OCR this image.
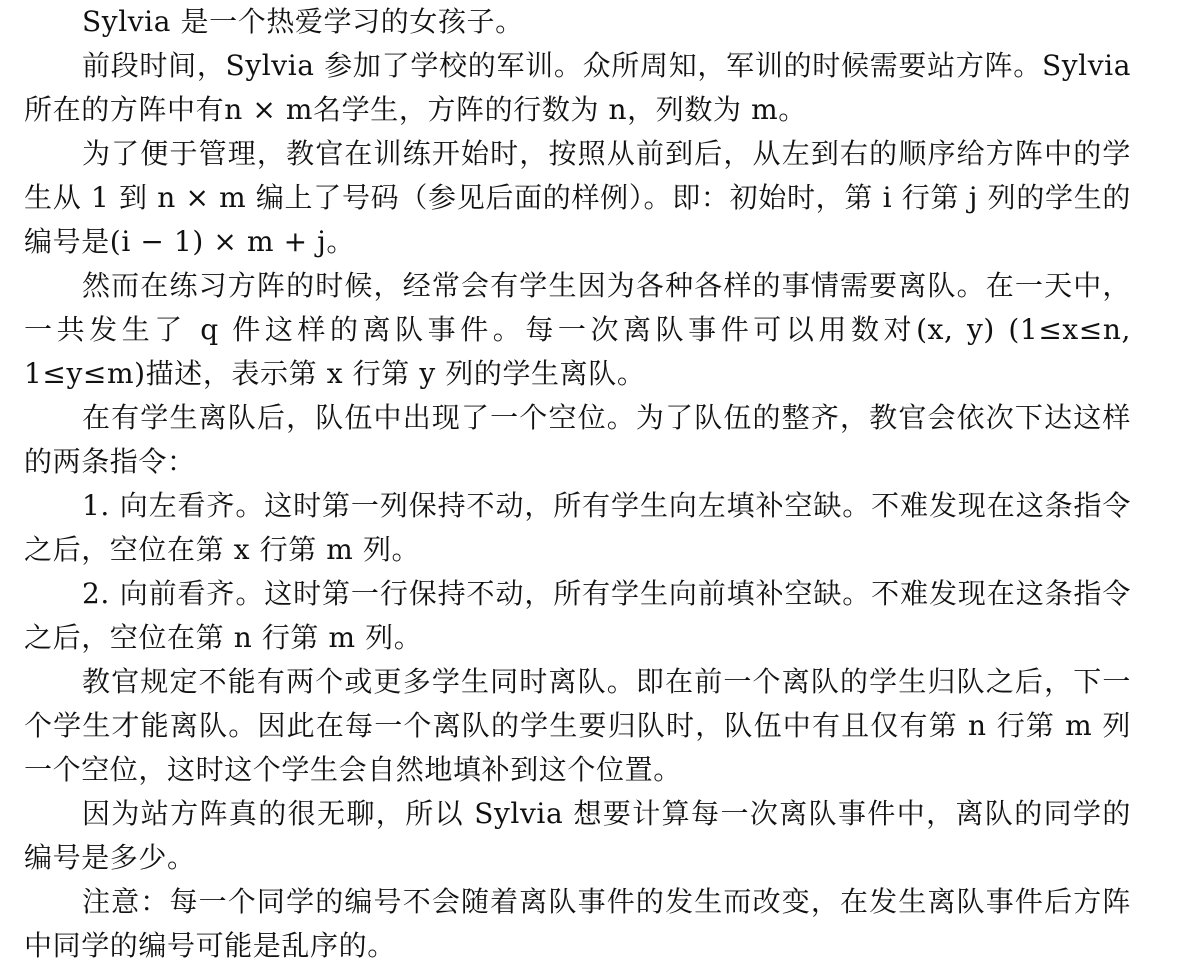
Sylvia 是一个热爱学习的女孩子。

前段时间，Sylvia 参加了学校的军训。众所周知，军训的时候需要站方阵。Sylvia 所在的方阵中有n × m名学生，方阵的行数为 n，列数为 m。

为了便于管理，教官在训练开始时，按照从前到后，从左到右的顺序给方阵中的学生从 1 到 n × m 编上了号码（参见后面的样例）。即：初始时，第 i 行第 j 列的学生的编号是(i − 1) × m + j。

然而在练习方阵的时候，经常会有学生因为各种各样的事情需要离队。在一天中，一共发生了 q 件这样的离队事件。每一次离队事件可以用数对(x, y) (1≤x≤n, 1≤y≤m)描述，表示第 x 行第 y 列的学生离队。

在有学生离队后，队伍中出现了一个空位。为了队伍的整齐，教官会依次下达这样的两条指令：

1. 向左看齐。这时第一列保持不动，所有学生向左填补空缺。不难发现在这条指令之后，空位在第 x 行第 m 列。

2. 向前看齐。这时第一行保持不动，所有学生向前填补空缺。不难发现在这条指令之后，空位在第 n 行第 m 列。

教官规定不能有两个或更多学生同时离队。即在前一个离队的学生归队之后，下一个学生才能离队。因此在每一个离队的学生要归队时，队伍中有且仅有第 n 行第 m 列一个空位，这时这个学生会自然地填补到这个位置。

因为站方阵真的很无聊，所以 Sylvia 想要计算每一次离队事件中，离队的同学的编号是多少。

注意：每一个同学的编号不会随着离队事件的发生而改变，在发生离队事件后方阵中同学的编号可能是乱序的。
